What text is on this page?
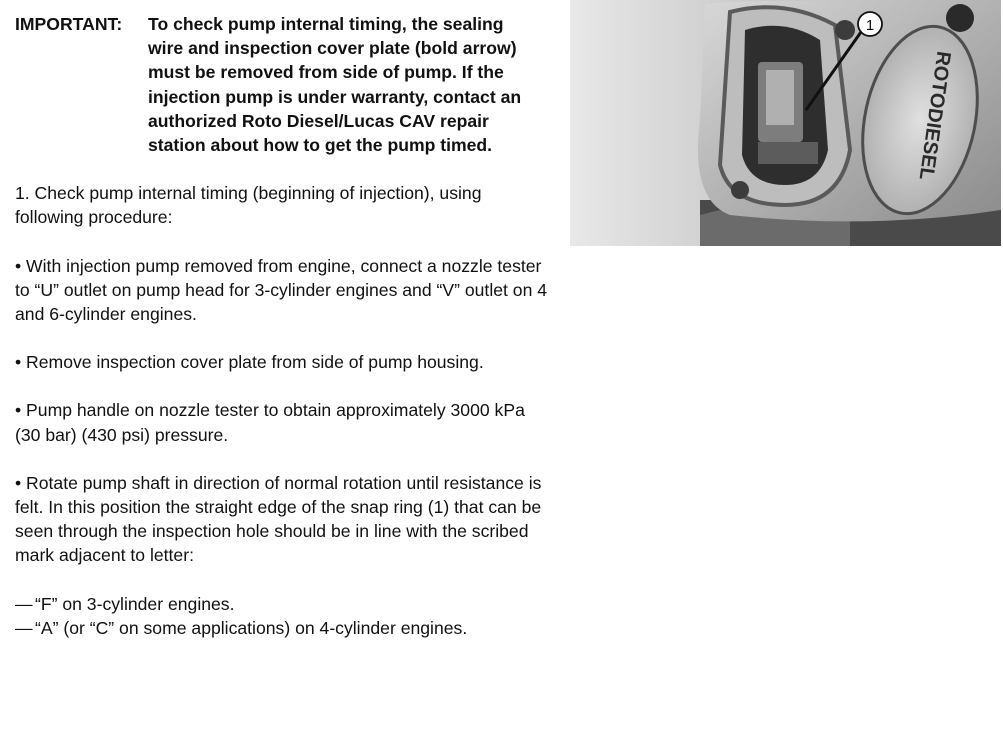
IMPORTANT:	To check pump internal timing, the sealing wire and inspection cover plate (bold arrow) must be removed from side of pump. If the injection pump is under warranty, contact an authorized Roto Diesel/Lucas CAV repair station about how to get the pump timed.

1. Check pump internal timing (beginning of injection), using following procedure:

• With injection pump removed from engine, connect a nozzle tester to “U” outlet on pump head for 3-cylinder engines and “V” outlet on 4 and 6-cylinder engines.

• Remove inspection cover plate from side of pump housing.

• Pump handle on nozzle tester to obtain approximately 3000 kPa (30 bar) (430 psi) pressure.

• Rotate pump shaft in direction of normal rotation until resistance is felt. In this position the straight edge of the snap ring (1) that can be seen through the inspection hole should be in line with the scribed mark adjacent to letter:

— “F” on 3-cylinder engines.
— “A” (or “C” on some applications) on 4-cylinder engines.
ROTODIESEL
1
